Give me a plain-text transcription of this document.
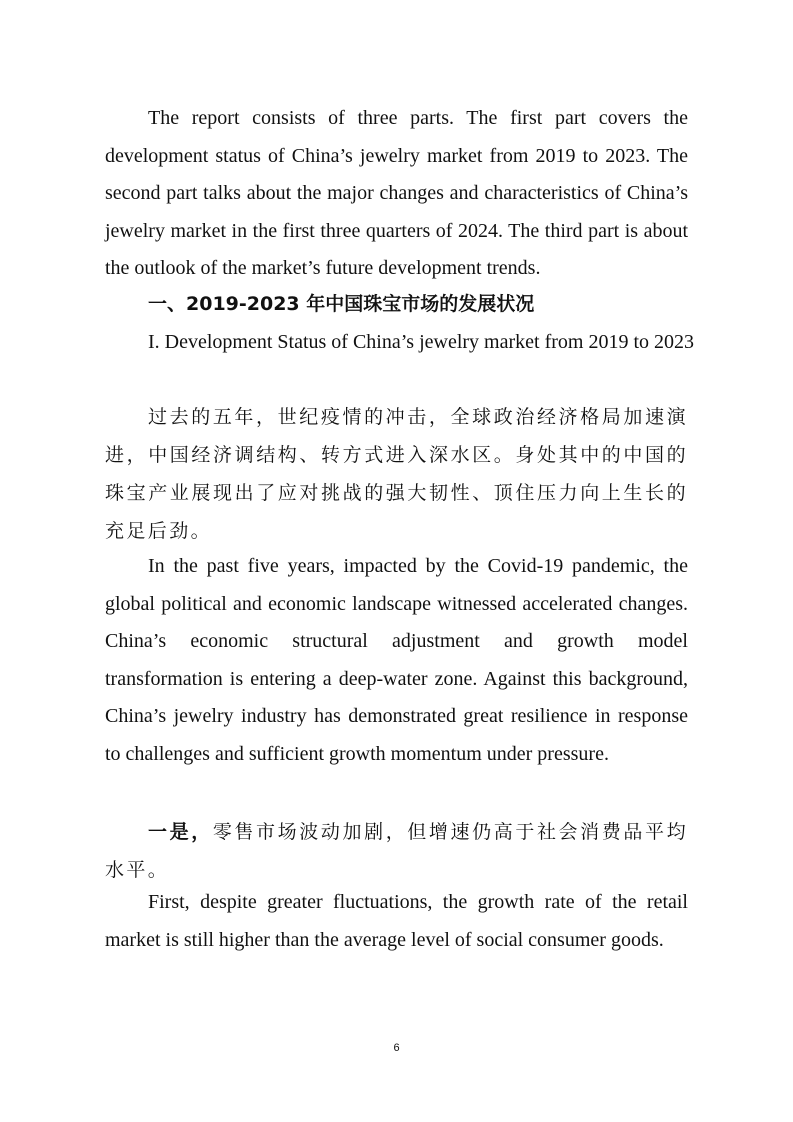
The report consists of three parts. The first part covers the development status of China’s jewelry market from 2019 to 2023. The second part talks about the major changes and characteristics of China’s jewelry market in the first three quarters of 2024. The third part is about the outlook of the market’s future development trends.

一、2019-2023 年中国珠宝市场的发展状况

I. Development Status of China’s jewelry market from 2019 to 2023

过去的五年，世纪疫情的冲击，全球政治经济格局加速演进，中国经济调结构、转方式进入深水区。身处其中的中国的珠宝产业展现出了应对挑战的强大韧性、顶住压力向上生长的充足后劲。

In the past five years, impacted by the Covid-19 pandemic, the global political and economic landscape witnessed accelerated changes. China’s economic structural adjustment and growth model transformation is entering a deep-water zone. Against this background, China’s jewelry industry has demonstrated great resilience in response to challenges and sufficient growth momentum under pressure.

一是，零售市场波动加剧，但增速仍高于社会消费品平均水平。

First, despite greater fluctuations, the growth rate of the retail market is still higher than the average level of social consumer goods.

6
